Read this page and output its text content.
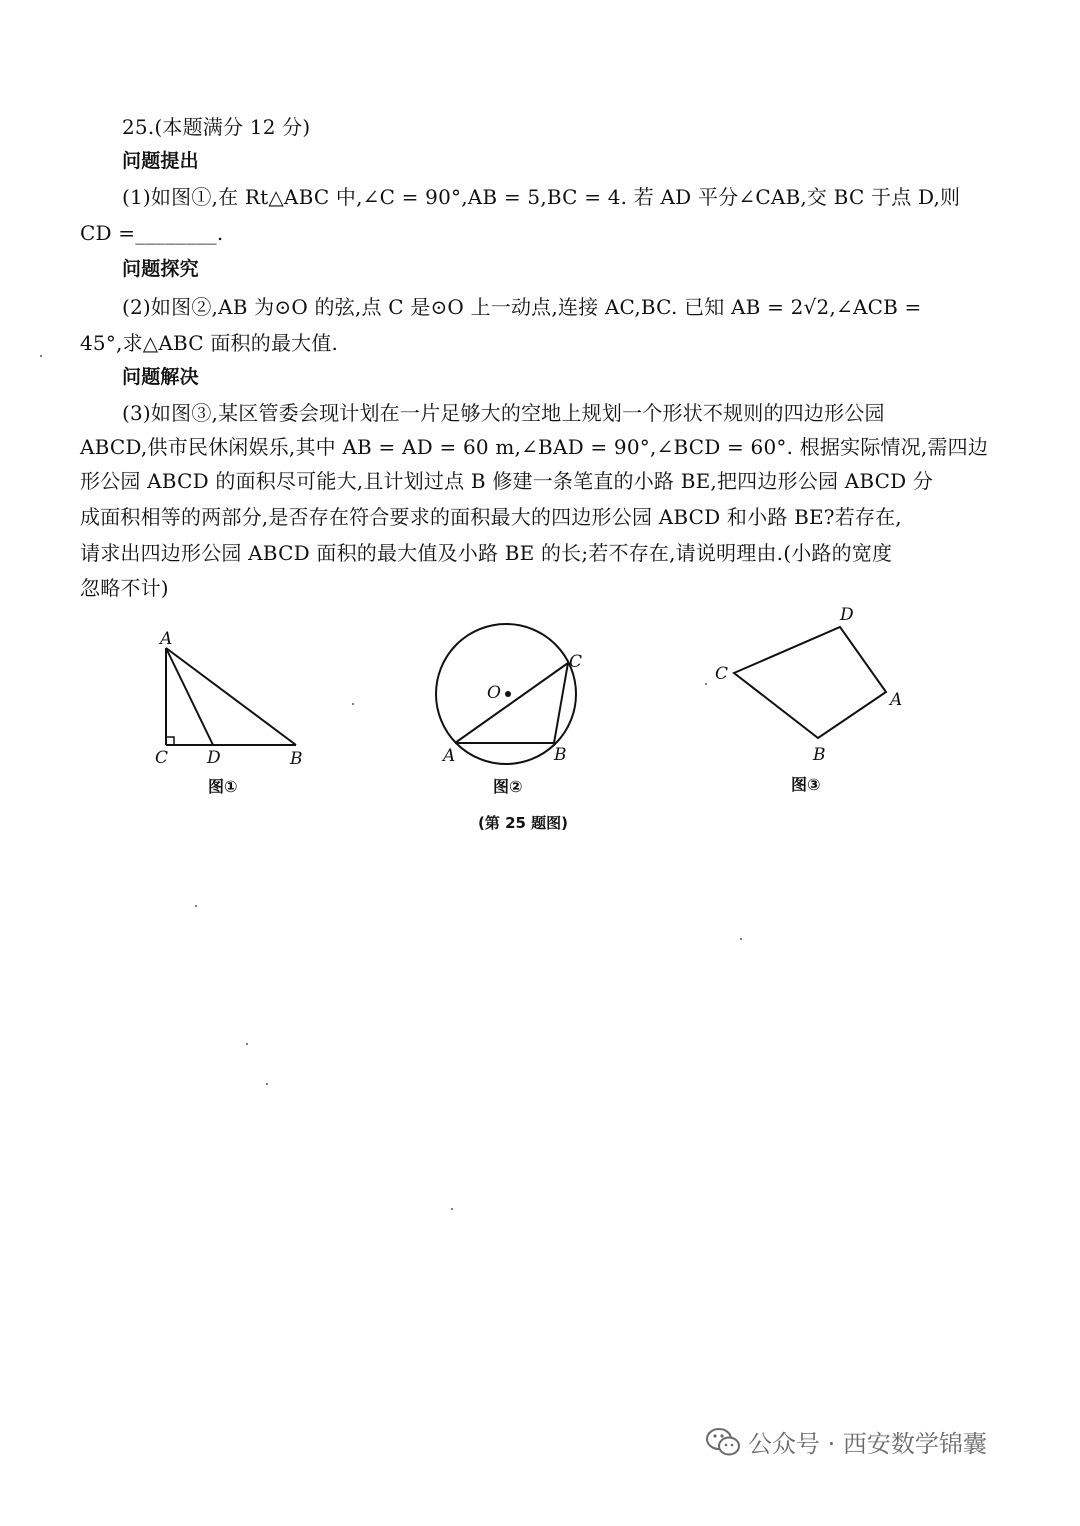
25.(本题满分 12 分)
问题提出
(1)如图①,在 Rt△ABC 中,∠C = 90°,AB = 5,BC = 4. 若 AD 平分∠CAB,交 BC 于点 D,则
CD =________.
问题探究
(2)如图②,AB 为⊙O 的弦,点 C 是⊙O 上一动点,连接 AC,BC. 已知 AB = 2√2,∠ACB =
45°,求△ABC 面积的最大值.
问题解决
(3)如图③,某区管委会现计划在一片足够大的空地上规划一个形状不规则的四边形公园
ABCD,供市民休闲娱乐,其中 AB = AD = 60 m,∠BAD = 90°,∠BCD = 60°. 根据实际情况,需四边
形公园 ABCD 的面积尽可能大,且计划过点 B 修建一条笔直的小路 BE,把四边形公园 ABCD 分
成面积相等的两部分,是否存在符合要求的面积最大的四边形公园 ABCD 和小路 BE?若存在,
请求出四边形公园 ABCD 面积的最大值及小路 BE 的长;若不存在,请说明理由.(小路的宽度
忽略不计)
A
C D	B
图①
O
A	B
C
图②
C
D
A
B
图③
(第 25 题图)
公众号 · 西安数学锦囊
